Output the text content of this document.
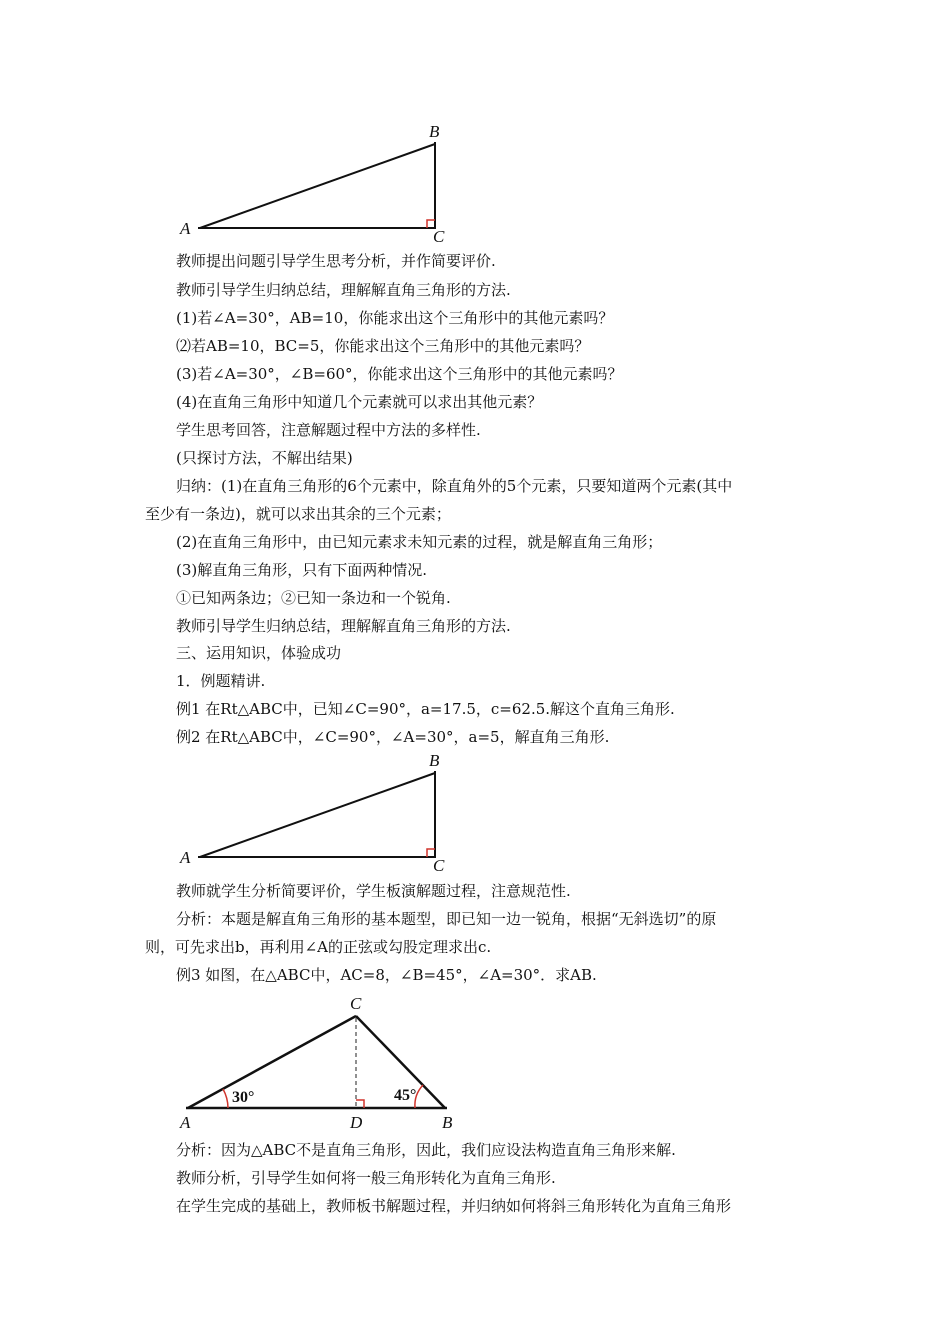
A
B
C
教师提出问题引导学生思考分析，并作简要评价.
教师引导学生归纳总结，理解解直角三角形的方法.
(1)若∠A=30°，AB=10，你能求出这个三角形中的其他元素吗？
⑵若AB=10，BC=5，你能求出这个三角形中的其他元素吗？
(3)若∠A=30°，∠B=60°，你能求出这个三角形中的其他元素吗？
(4)在直角三角形中知道几个元素就可以求出其他元素？
学生思考回答，注意解题过程中方法的多样性.
(只探讨方法，不解出结果)
归纳：(1)在直角三角形的6个元素中，除直角外的5个元素，只要知道两个元素(其中
至少有一条边)，就可以求出其余的三个元素；
(2)在直角三角形中，由已知元素求未知元素的过程，就是解直角三角形；
(3)解直角三角形，只有下面两种情况.
①已知两条边；②已知一条边和一个锐角.
教师引导学生归纳总结，理解解直角三角形的方法.
三、运用知识，体验成功
1．例题精讲.
例1 在Rt△ABC中，已知∠C=90°，a=17.5，c=62.5.解这个直角三角形.
例2 在Rt△ABC中，∠C=90°，∠A=30°，a=5，解直角三角形.
A
B
C
教师就学生分析简要评价，学生板演解题过程，注意规范性.
分析：本题是解直角三角形的基本题型，即已知一边一锐角，根据“无斜选切”的原
则，可先求出b，再利用∠A的正弦或勾股定理求出c.
例3 如图，在△ABC中，AC=8，∠B=45°，∠A=30°．求AB.
30°	45°
A	B
C
D
分析：因为△ABC不是直角三角形，因此，我们应设法构造直角三角形来解.
教师分析，引导学生如何将一般三角形转化为直角三角形.
在学生完成的基础上，教师板书解题过程，并归纳如何将斜三角形转化为直角三角形
